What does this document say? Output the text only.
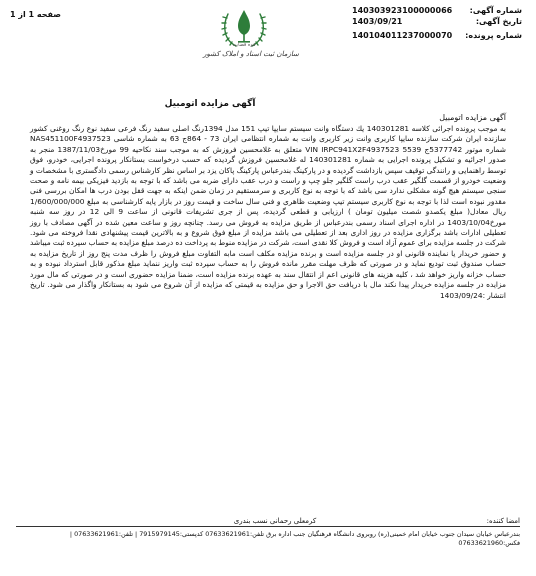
صفحه 1 از 1
قوه قضاییه
سازمان ثبت اسناد و املاک کشور
شماره آگهی:
140303923100000066
تاریخ آگهی:
1403/09/21
شماره پرونده:
140104011237000070
آگهی مزایده اتومبیل
آگهی مزایده اتومبیل
به موجب پرونده اجرائی کلاسه 140301281 یك دستگاه وانت سیستم سایپا تیپ 151 مدل 1394رنگ اصلی سفید رنگ فرعی سفید نوع رنگ روغنی کشور سازنده ایران شرکت سازنده سایپا کاربری وانت زیر کاربری وانت به شماره انتظامی ایران 73 - 864ج 63 به شماره شاسی NAS451100F4937523 شماره موتور 5377742ج 5539 VIN IRPC941X2F4937523 متعلق به غلامحسین فروزش که به موجب سند نکاحیه 99 مورخ1387/11/03 منجر به صدور اجرائیه و تشکیل پرونده اجرایی به شماره 140301281 له غلامحسین فروزش گردیده که حسب درخواست بستانکار پرونده اجرایی، خودرو، فوق توسط راهنمایی و رانندگی توقیف سپس بازداشت گردیده و در پارکینگ بندرعباس پارکینگ پاکان یزد بر اساس نظر کارشناس رسمی دادگستری با مشخصات و وضعیت خودرو از قسمت گلگیر عقب درب راست گلگیر جلو چپ و راست و درب عقب دارای ضربه می باشد که با توجه به بازدید فیزیکی بیمه نامه و صحت سنجی سیستم هیچ گونه مشکلی ندارد سی باشد که با توجه به نوع کاربری و سرمستقیم در زمان ضمن اینکه به جهت قفل بودن درب ها امکان بررسی فنی مقدور نبوده است لذا با توجه به نوع کاربری سیستم تیپ وضعیت ظاهری و فنی سال ساخت و قیمت روز در بازار پایه کارشناسی به مبلغ 1/600/000/000 ریال معادل( مبلغ یکصدو شصت میلیون تومان ) ارزیابی و قطعی گردیده، پس از جری تشریفات قانونی از ساعت 9 الی 12 در روز سه شنبه مورخ1403/10/04 در اداره اجرای اسناد رسمی بندرعباس از طریق مزایده به فروش می رسد. چنانچه روز و ساعت معین شده در آگهی مصادف با روز تعطیلی ادارات باشد برگزاری مزایده در روز اداری بعد از تعطیلی می باشد مزایده از مبلغ فوق شروع و به بالاترین قیمت پیشنهادی نقدا فروخته می شود. شرکت در جلسه مزایده برای عموم آزاد است و فروش کلا نقدی است، شرکت در مزایده منوط به پرداخت ده درصد مبلغ مزایده به حساب سپرده ثبت میباشد و حضور خریدار یا نماینده قانونی او در جلسه مزایده است و برنده مزایده مکلف است مابه التفاوت مبلغ فروش را ظرف مدت پنج روز از تاریخ مزایده به حساب صندوق ثبت تودیع نماید و در صورتی که ظرف مهلت مقرر مانده فروش را به حساب سپرده ثبت واریز ننماید مبلغ مذکور قابل استرداد نبوده و به حساب خزانه واریز خواهد شد ، کلیه هزینه های قانونی اعم از انتقال سند به عهده برنده مزایده است، ضمنا مزایده حضوری است و در صورتی که مال مورد مزایده در جلسه مزایده خریدار پیدا نکند مال با دریافت حق الاجرا و حق مزایده به قیمتی که مزایده از آن شروع می شود به بستانکار واگذار می شود. تاریخ انتشار :1403/09/24
امضا کننده:
کرمعلی رحمانی نسب بندری
بندرعباس خیابان سیدان جنوب خیابان امام خمینی(ره) روبروی دانشگاه فرهنگیان جنب اداره برق تلفن:07633621961 کدپستی:7915979145 | تلفن:07633621961 | فکس:07633621960
